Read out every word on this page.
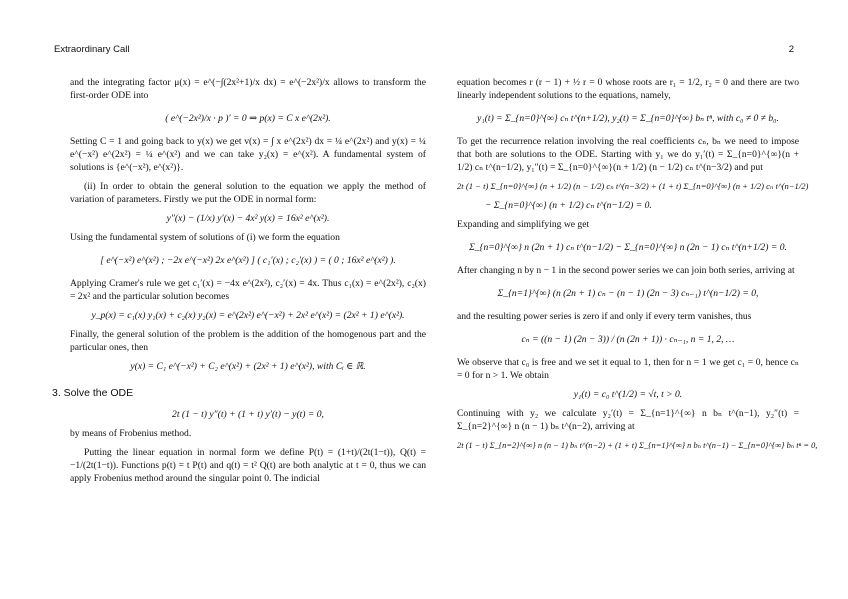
Extraordinary Call	2

and the integrating factor μ(x) = e^(−∫(2x²+1)/x dx) = e^(−2x²)/x allows to transform the first-order ODE into

( e^(−2x²)/x · p )′ = 0 ⇒ p(x) = C x e^(2x²).

Setting C = 1 and going back to y(x) we get v(x) = ∫ x e^(2x²) dx = ¼ e^(2x²) and y(x) = ¼ e^(−x²) e^(2x²) = ¼ e^(x²) and we can take y₂(x) = e^(x²). A fundamental system of solutions is {e^(−x²), e^(x²)}.

(ii) In order to obtain the general solution to the equation we apply the method of variation of parameters. Firstly we put the ODE in normal form:

y″(x) − (1/x) y′(x) − 4x² y(x) = 16x² e^(x²).

Using the fundamental system of solutions of (i) we form the equation

[ e^(−x²) e^(x²) ; −2x e^(−x²) 2x e^(x²) ] ( c₁′(x) ; c₂′(x) ) = ( 0 ; 16x² e^(x²) ).

Applying Cramer's rule we get c₁′(x) = −4x e^(2x²), c₂′(x) = 4x. Thus c₁(x) = e^(2x²), c₂(x) = 2x² and the particular solution becomes

y_p(x) = c₁(x) y₁(x) + c₂(x) y₂(x) = e^(2x²) e^(−x²) + 2x² e^(x²) = (2x² + 1) e^(x²).

Finally, the general solution of the problem is the addition of the homogenous part and the particular ones, then

y(x) = C₁ e^(−x²) + C₂ e^(x²) + (2x² + 1) e^(x²), with Cᵢ ∈ ℝ.
3. Solve the ODE
2t (1 − t) y″(t) + (1 + t) y′(t) − y(t) = 0,

by means of Frobenius method.

Putting the linear equation in normal form we define P(t) = (1+t)/(2t(1−t)), Q(t) = −1/(2t(1−t)). Functions p(t) = t P(t) and q(t) = t² Q(t) are both analytic at t = 0, thus we can apply Frobenius method around the singular point 0. The indicial

equation becomes r (r − 1) + ½ r = 0 whose roots are r₁ = 1/2, r₂ = 0 and there are two linearly independent solutions to the equations, namely,

y₁(t) = Σ_{n=0}^{∞} cₙ t^(n+1/2), y₂(t) = Σ_{n=0}^{∞} bₙ tⁿ, with c₀ ≠ 0 ≠ b₀.

To get the recurrence relation involving the real coefficients cₙ, bₙ we need to impose that both are solutions to the ODE. Starting with y₁ we do y₁′(t) = Σ_{n=0}^{∞}(n + 1/2) cₙ t^(n−1/2), y₁″(t) = Σ_{n=0}^{∞}(n + 1/2) (n − 1/2) cₙ t^(n−3/2) and put

2t (1 − t) Σ_{n=0}^{∞} (n + 1/2) (n − 1/2) cₙ t^(n−3/2) + (1 + t) Σ_{n=0}^{∞} (n + 1/2) cₙ t^(n−1/2)
− Σ_{n=0}^{∞} (n + 1/2) cₙ t^(n−1/2) = 0.

Expanding and simplifying we get

Σ_{n=0}^{∞} n (2n + 1) cₙ t^(n−1/2) − Σ_{n=0}^{∞} n (2n − 1) cₙ t^(n+1/2) = 0.

After changing n by n − 1 in the second power series we can join both series, arriving at

Σ_{n=1}^{∞} (n (2n + 1) cₙ − (n − 1) (2n − 3) cₙ₋₁) t^(n−1/2) = 0,

and the resulting power series is zero if and only if every term vanishes, thus

cₙ = ((n − 1) (2n − 3)) / (n (2n + 1)) · cₙ₋₁, n = 1, 2, …

We observe that c₀ is free and we set it equal to 1, then for n = 1 we get c₁ = 0, hence cₙ = 0 for n > 1. We obtain

y₁(t) = c₀ t^(1/2) = √t, t > 0.

Continuing with y₂ we calculate y₂′(t) = Σ_{n=1}^{∞} n bₙ t^(n−1), y₂″(t) = Σ_{n=2}^{∞} n (n − 1) bₙ t^(n−2), arriving at

2t (1 − t) Σ_{n=2}^{∞} n (n − 1) bₙ t^(n−2) + (1 + t) Σ_{n=1}^{∞} n bₙ t^(n−1) − Σ_{n=0}^{∞} bₙ tⁿ = 0,
